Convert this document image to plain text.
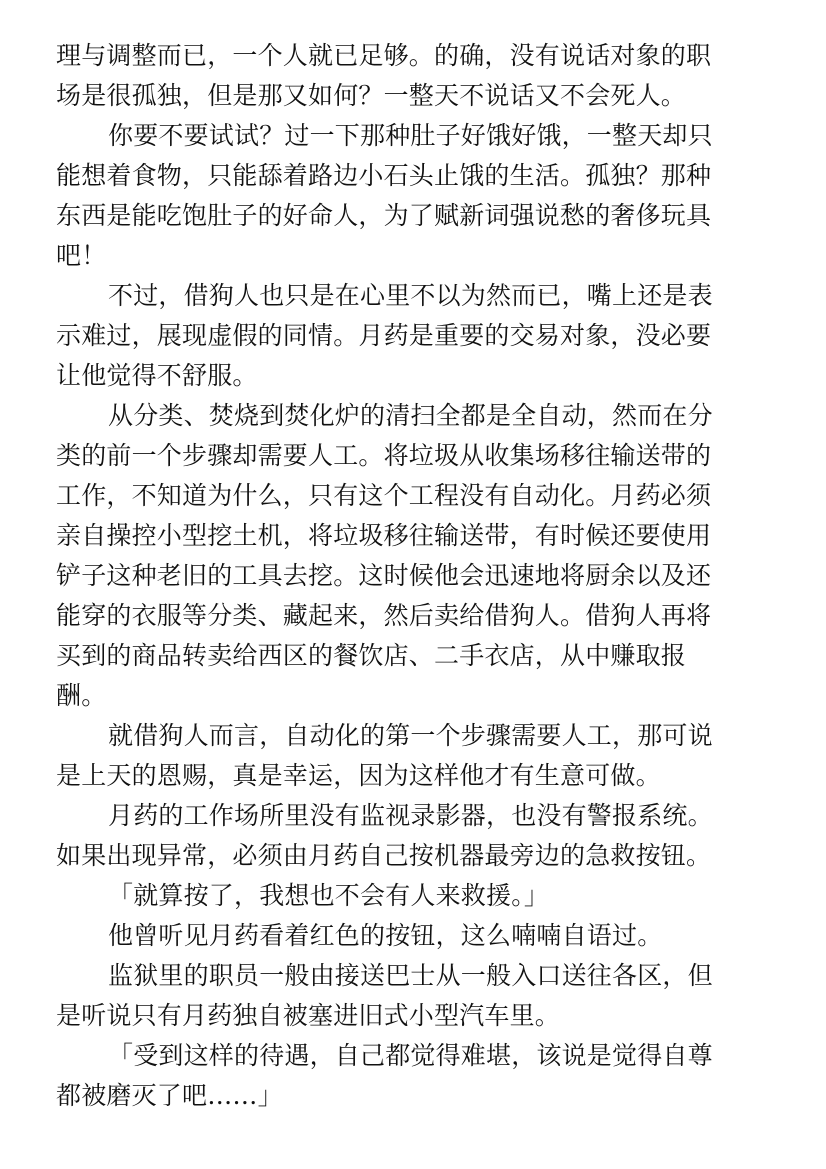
理与调整而已，一个人就已足够。的确，没有说话对象的职
场是很孤独，但是那又如何？一整天不说话又不会死人。
你要不要试试？过一下那种肚子好饿好饿，一整天却只
能想着食物，只能舔着路边小石头止饿的生活。孤独？那种
东西是能吃饱肚子的好命人，为了赋新词强说愁的奢侈玩具
吧！
不过，借狗人也只是在心里不以为然而已，嘴上还是表
示难过，展现虚假的同情。月药是重要的交易对象，没必要
让他觉得不舒服。
从分类、焚烧到焚化炉的清扫全都是全自动，然而在分
类的前一个步骤却需要人工。将垃圾从收集场移往输送带的
工作，不知道为什么，只有这个工程没有自动化。月药必须
亲自操控小型挖土机，将垃圾移往输送带，有时候还要使用
铲子这种老旧的工具去挖。这时候他会迅速地将厨余以及还
能穿的衣服等分类、藏起来，然后卖给借狗人。借狗人再将
买到的商品转卖给西区的餐饮店、二手衣店，从中赚取报
酬。
就借狗人而言，自动化的第一个步骤需要人工，那可说
是上天的恩赐，真是幸运，因为这样他才有生意可做。
月药的工作场所里没有监视录影器，也没有警报系统。
如果出现异常，必须由月药自己按机器最旁边的急救按钮。
「就算按了，我想也不会有人来救援。」
他曾听见月药看着红色的按钮，这么喃喃自语过。
监狱里的职员一般由接送巴士从一般入口送往各区，但
是听说只有月药独自被塞进旧式小型汽车里。
「受到这样的待遇，自己都觉得难堪，该说是觉得自尊
都被磨灭了吧……」
